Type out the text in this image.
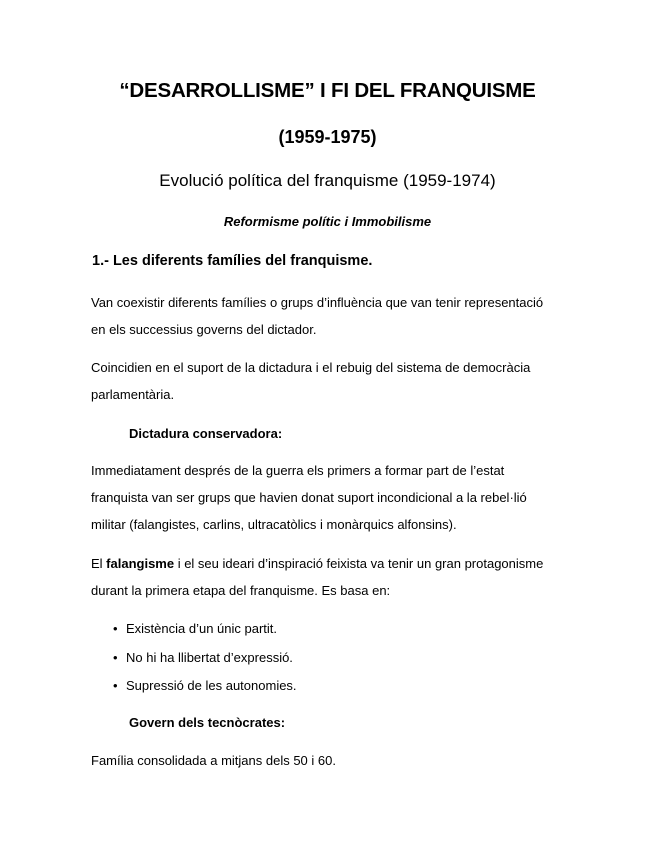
“DESARROLLISME” I FI DEL FRANQUISME
(1959-1975)
Evolució política del franquisme (1959-1974)
Reformisme polític i Immobilisme
1.- Les diferents famílies del franquisme.
Van coexistir diferents famílies o grups d’influència que van tenir representació
en els successius governs del dictador.
Coincidien en el suport de la dictadura i el rebuig del sistema de democràcia
parlamentària.
Dictadura conservadora:
Immediatament després de la guerra els primers a formar part de l’estat
franquista van ser grups que havien donat suport incondicional a la rebel·lió
militar (falangistes, carlins, ultracatòlics i monàrquics alfonsins).
El falangisme i el seu ideari d’inspiració feixista va tenir un gran protagonisme
durant la primera etapa del franquisme. Es basa en:
• Existència d’un únic partit.
• No hi ha llibertat d’expressió.
• Supressió de les autonomies.
Govern dels tecnòcrates:
Família consolidada a mitjans dels 50 i 60.
